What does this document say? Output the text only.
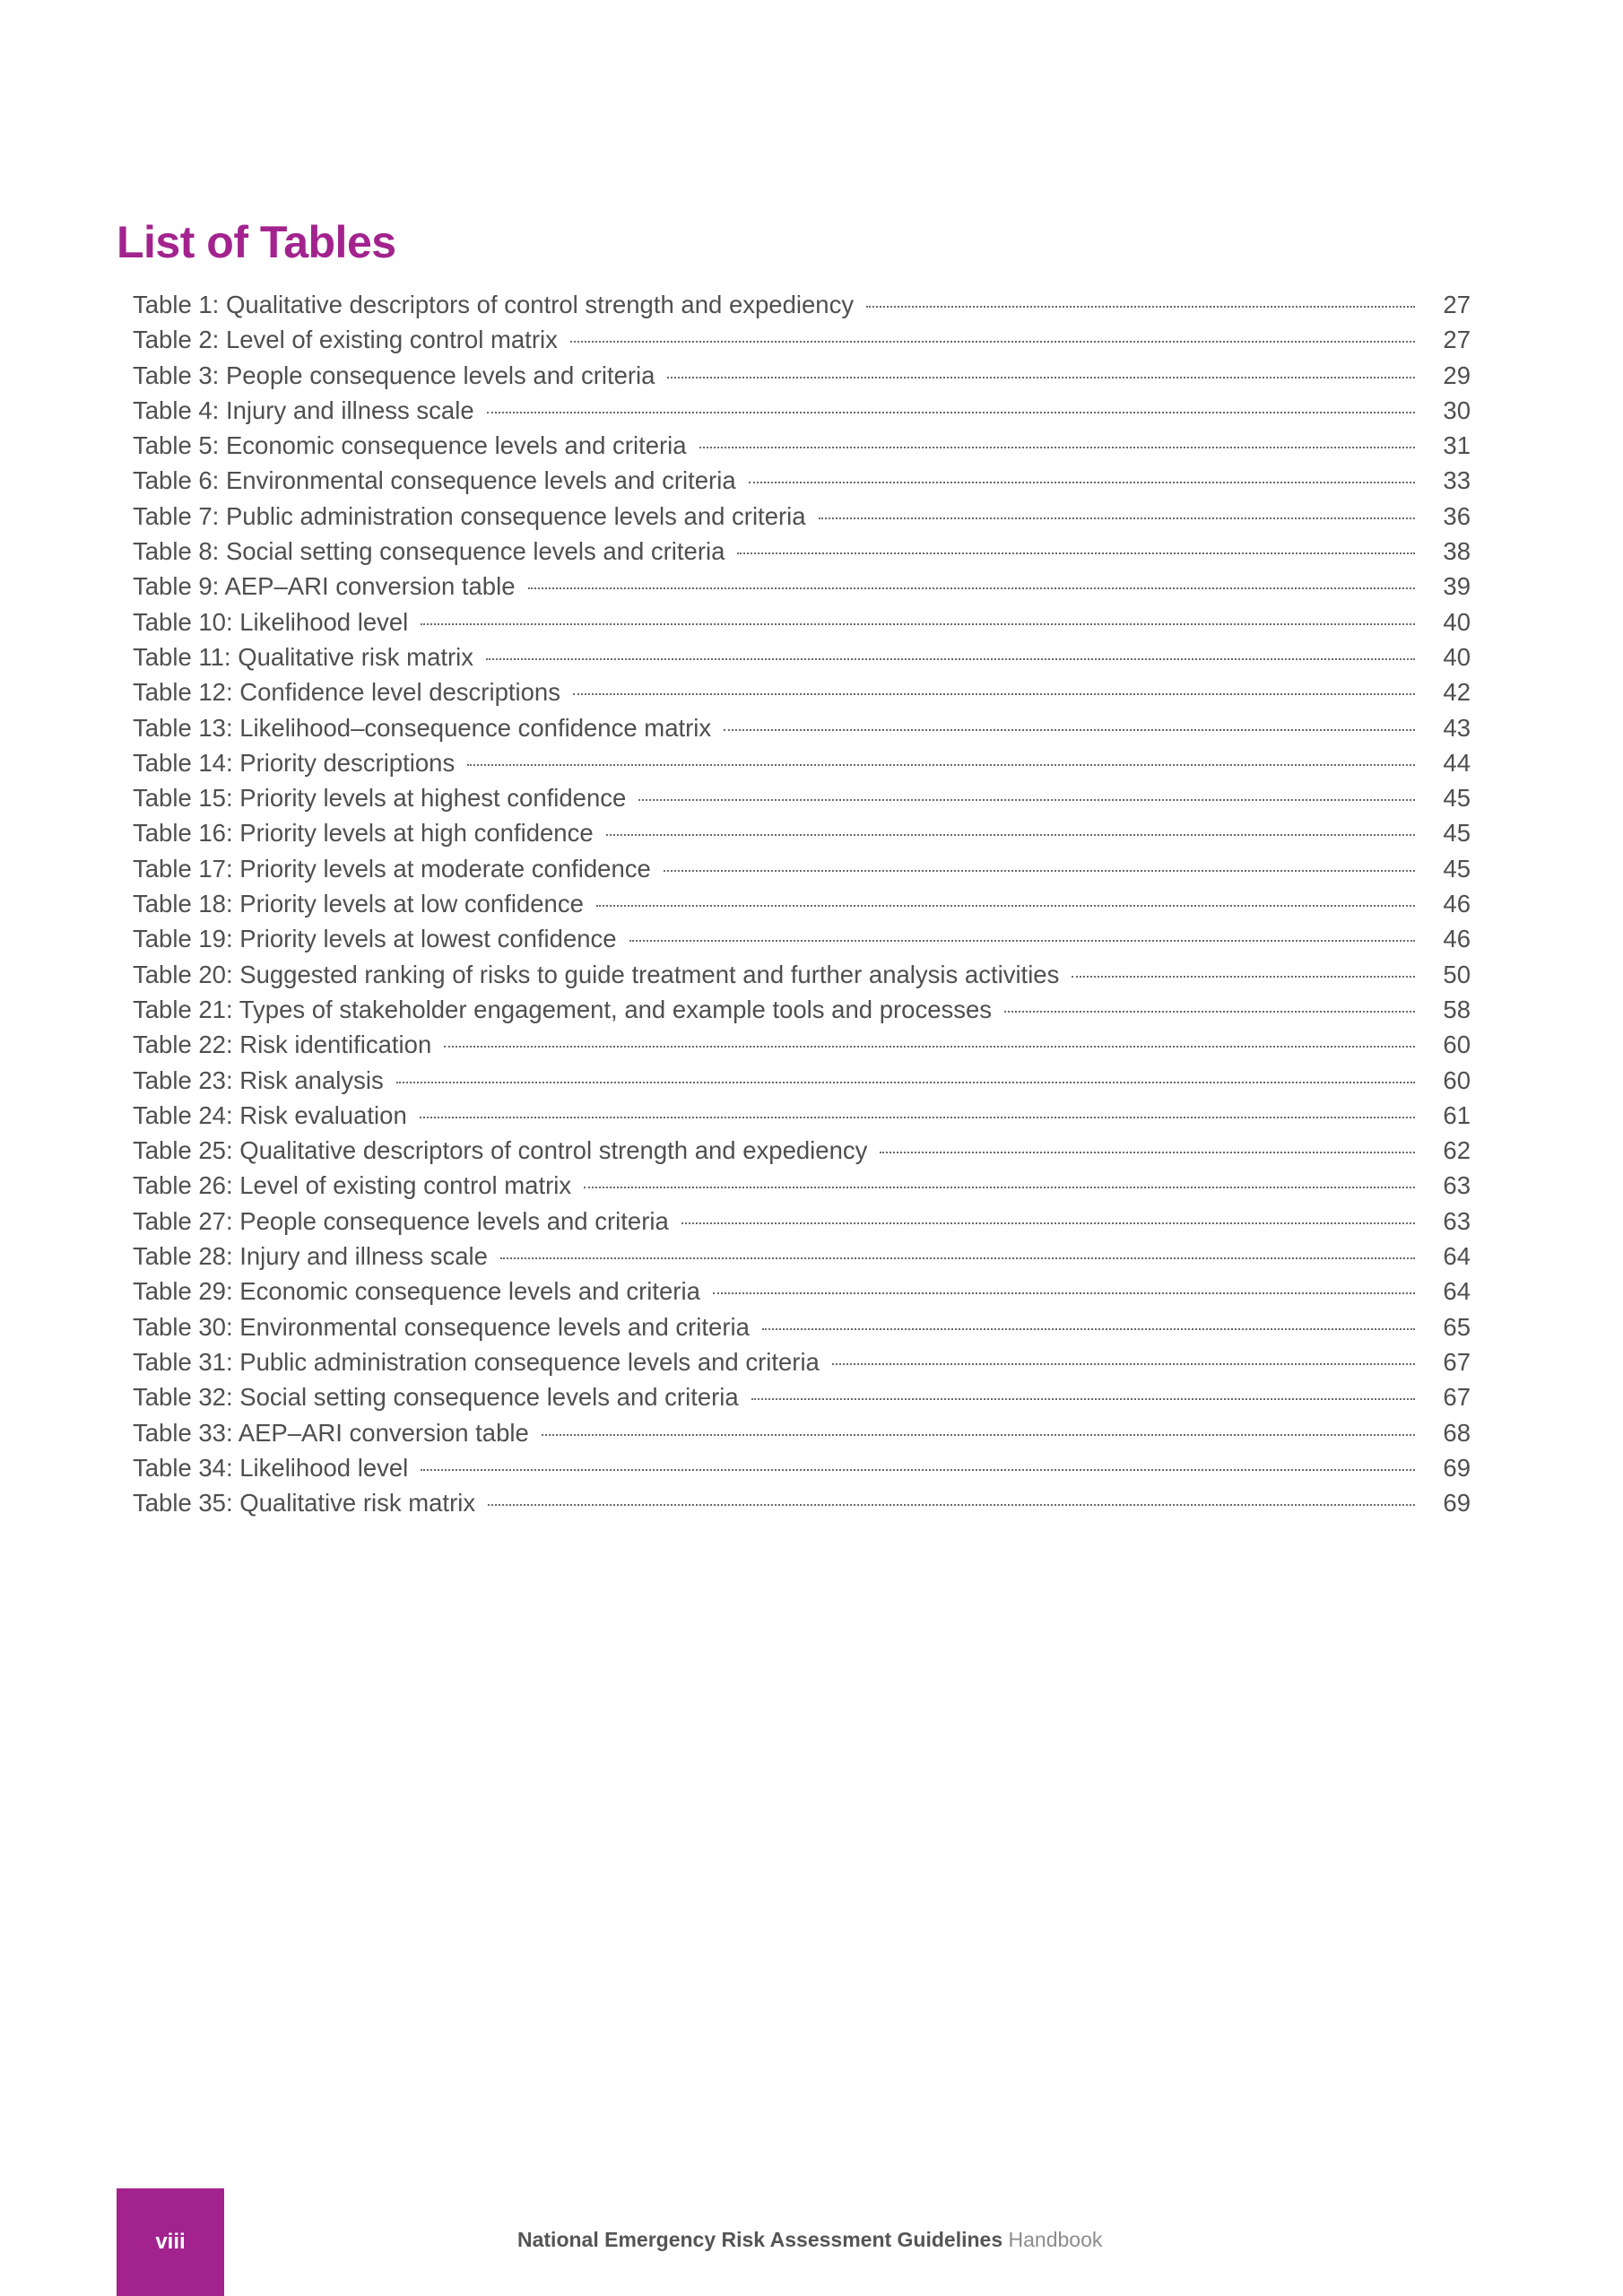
List of Tables
Table 1: Qualitative descriptors of control strength and expediency	27
Table 2: Level of existing control matrix	27
Table 3: People consequence levels and criteria	29
Table 4: Injury and illness scale	30
Table 5: Economic consequence levels and criteria	31
Table 6: Environmental consequence levels and criteria	33
Table 7: Public administration consequence levels and criteria	36
Table 8: Social setting consequence levels and criteria	38
Table 9: AEP–ARI conversion table	39
Table 10: Likelihood level	40
Table 11: Qualitative risk matrix	40
Table 12: Confidence level descriptions	42
Table 13: Likelihood–consequence confidence matrix	43
Table 14: Priority descriptions	44
Table 15: Priority levels at highest confidence	45
Table 16: Priority levels at high confidence	45
Table 17: Priority levels at moderate confidence	45
Table 18: Priority levels at low confidence	46
Table 19: Priority levels at lowest confidence	46
Table 20: Suggested ranking of risks to guide treatment and further analysis activities	50
Table 21: Types of stakeholder engagement, and example tools and processes	58
Table 22: Risk identification	60
Table 23: Risk analysis	60
Table 24: Risk evaluation	61
Table 25: Qualitative descriptors of control strength and expediency	62
Table 26: Level of existing control matrix	63
Table 27: People consequence levels and criteria	63
Table 28: Injury and illness scale	64
Table 29: Economic consequence levels and criteria	64
Table 30: Environmental consequence levels and criteria	65
Table 31: Public administration consequence levels and criteria	67
Table 32: Social setting consequence levels and criteria	67
Table 33: AEP–ARI conversion table	68
Table 34: Likelihood level	69
Table 35: Qualitative risk matrix	69
viii	National Emergency Risk Assessment Guidelines Handbook
